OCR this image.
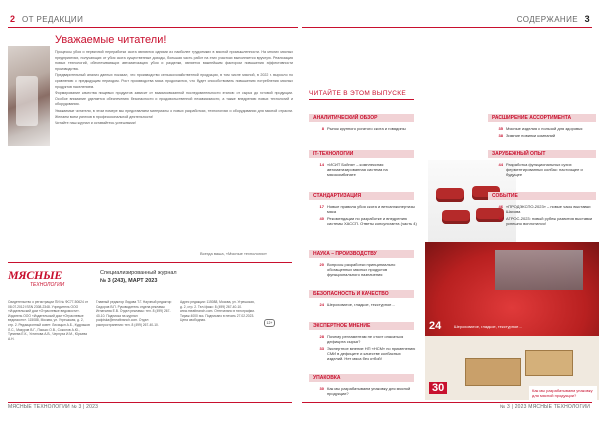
2 ОТ РЕДАКЦИИ
Уважаемые читатели!

Процессы убоя и первичной переработки скота являются одними из наиболее трудоемких в мясной промышленности. На многих мясных предприятиях, получающих от убоя скота существенные доходы, большая часть работ на этих участках выполняется вручную. Реализация новых технологий, обеспечивающих автоматизацию убоя и разделки, является важнейшим фактором повышения эффективности производства.

Предварительный анализ данных показал, что производство сельскохозяйственной продукции, в том числе мясной, в 2022 г. выросло по сравнению с предыдущим периодом. Рост производства мяса продолжится, что будет способствовать повышению потребления мясных продуктов населением.

Формирование качества пищевых продуктов зависит от взаимосвязанной последовательности этапов: от сырья до готовой продукции. Особое внимание уделяется обеспечению безопасности и продовольственной независимости, а также внедрению новых технологий и оборудования.

Уважаемые читатели, в этом номере мы представляем материалы о новых разработках, технологиях и оборудовании для мясной отрасли. Желаем всем успехов в профессиональной деятельности!

Читайте наш журнал и оставайтесь успешными!

Всегда ваша, «Мясные технологии»
МЯСНЫЕ
ТЕХНОЛОГИИ
Специализированный журнал
№ 3 (243), МАРТ 2023
Свидетельство о регистрации ПИ № ФС77-50624 от 08.07.2012 ISSN 2308-2348. Учредитель ООО «Издательский дом «Отраслевые ведомости». Издатель ООО «Издательский дом «Отраслевые ведомости». 115088, Москва, ул. Угрешская, д. 2, стр. 2. Редакционный совет: Лисицын А.Б., Кудряшов Л.С., Мазуров В.Г., Пасько О.В., Соколов А.Ю., Туниева Е.К., Устинова А.В., Чернуха И.М., Юрьева А.Н.
Главный редактор Лядова Т.Г. Научный редактор Сидоров В.П. Руководитель отдела рекламы Игнатьева Е.В. Отдел рекламы: тел. 8 (499) 267-40-10. Подписка на журнал podpiska@meatbranch.com. Отдел распространения: тел. 8 (499) 267-40-10.
Адрес редакции: 115088, Москва, ул. Угрешская, д. 2, стр. 2. Тел./факс: 8 (499) 267-40-10. www.meatbranch.com. Отпечатано в типографии. Тираж 4000 экз. Подписано в печать 27.02.2023. Цена свободная.
12+
МЯСНЫЕ ТЕХНОЛОГИИ № 3 | 2023
СОДЕРЖАНИЕ 3
ЧИТАЙТЕ В ЭТОМ ВЫПУСКЕ
АНАЛИТИЧЕСКИЙ ОБЗОР
8 Рынок крупного рогатого скота и говядины
IT-ТЕХНОЛОГИИ
14 «ИСИТ Бойня» – комплексная автоматизированная система на мясокомбинате
СТАНДАРТИЗАЦИЯ
17 Новые правила убоя скота и ветсанэкспертизы мяса
40 Рекомендации по разработке и внедрению системы ХАССП. Ответы консультанта (часть 4)
НАУКА – ПРОИЗВОДСТВУ
20 Вопросы разработки принципиально обогащенных мясных продуктов функционального назначения
БЕЗОПАСНОСТЬ И КАЧЕСТВО
24 Шероховатое, гладкое, текстурное…
ЭКСПЕРТНОЕ МНЕНИЕ
28 Почему регламентам не стоит опасаться дефицита сырья?
33 Экспертное мнение НП «НСМ» по применению СМИ в дефиците и качестве колбасных изделий. Нет мяса без отбой!
УПАКОВКА
30 Как мы разрабатываем упаковку для мясной продукции?
РАСШИРЕНИЕ АССОРТИМЕНТА
35 Мясные изделия с пользой для здоровья
38 Зимние новинки компаний
ЗАРУБЕЖНЫЙ ОПЫТ
44 Разработка функциональных сухих ферментированных колбас: настоящее и будущее
СОБЫТИЕ
46 «ПРОДЭКСПО-2023» – новые часы выставки Шахова
56 АГРОС-2023: новый рубеж развития выставки успешно воплотился!
24	Шероховатое, гладкое, текстурное…
30	Как мы разрабатываем упаковку для мясной продукции?
№ 3 | 2023 МЯСНЫЕ ТЕХНОЛОГИИ
